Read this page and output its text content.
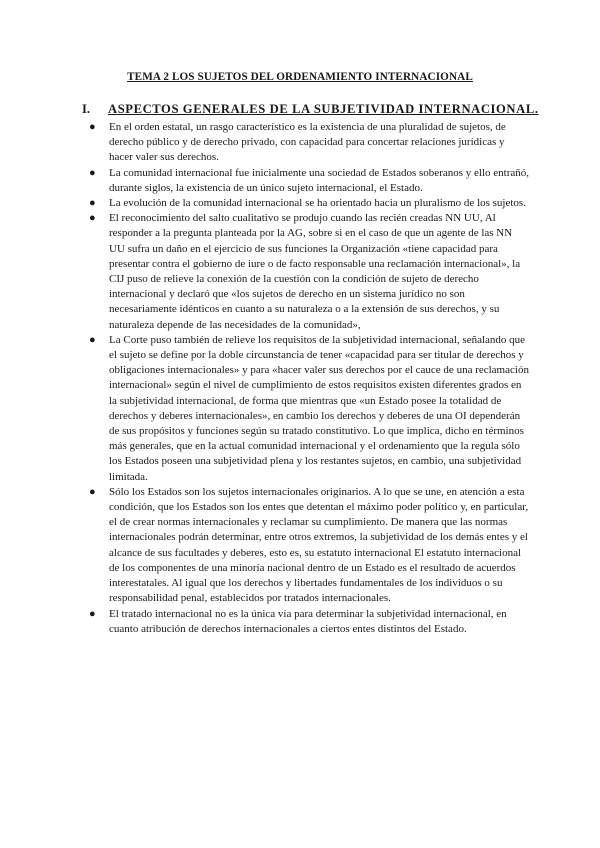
TEMA 2 LOS SUJETOS DEL ORDENAMIENTO INTERNACIONAL
I. ASPECTOS GENERALES DE LA SUBJETIVIDAD INTERNACIONAL.
● En el orden estatal, un rasgo característico es la existencia de una pluralidad de sujetos, de derecho público y de derecho privado, con capacidad para concertar relaciones jurídicas y hacer valer sus derechos.
● La comunidad internacional fue inicialmente una sociedad de Estados soberanos y ello entrañó, durante siglos, la existencia de un único sujeto internacional, el Estado.
● La evolución de la comunidad internacional se ha orientado hacia un pluralismo de los sujetos.
● El reconocimiento del salto cualitativo se produjo cuando las recién creadas NN UU, Al responder a la pregunta planteada por la AG, sobre si en el caso de que un agente de las NN UU sufra un daño en el ejercicio de sus funciones la Organización «tiene capacidad para presentar contra el gobierno de iure o de facto responsable una reclamación internacional», la CIJ puso de relieve la conexión de la cuestión con la condición de sujeto de derecho internacional y declaró que «los sujetos de derecho en un sistema jurídico no son necesariamente idénticos en cuanto a su naturaleza o a la extensión de sus derechos, y su naturaleza depende de las necesidades de la comunidad»,
● La Corte puso también de relieve los requisitos de la subjetividad internacional, señalando que el sujeto se define por la doble circunstancia de tener «capacidad para ser titular de derechos y obligaciones internacionales» y para «hacer valer sus derechos por el cauce de una reclamación internacional» según el nivel de cumplimiento de estos requisitos existen diferentes grados en la subjetividad internacional, de forma que mientras que «un Estado posee la totalidad de derechos y deberes internacionales», en cambio los derechos y deberes de una OI dependerán de sus propósitos y funciones según su tratado constitutivo. Lo que implica, dicho en términos más generales, que en la actual comunidad internacional y el ordenamiento que la regula sólo los Estados poseen una subjetividad plena y los restantes sujetos, en cambio, una subjetividad limitada.
● Sólo los Estados son los sujetos internacionales originarios. A lo que se une, en atención a esta condición, que los Estados son los entes que detentan el máximo poder político y, en particular, el de crear normas internacionales y reclamar su cumplimiento. De manera que las normas internacionales podrán determinar, entre otros extremos, la subjetividad de los demás entes y el alcance de sus facultades y deberes, esto es, su estatuto internacional El estatuto internacional de los componentes de una minoría nacional dentro de un Estado es el resultado de acuerdos interestatales. Al igual que los derechos y libertades fundamentales de los individuos o su responsabilidad penal, establecidos por tratados internacionales.
● El tratado internacional no es la única vía para determinar la subjetividad internacional, en cuanto atribución de derechos internacionales a ciertos entes distintos del Estado.
